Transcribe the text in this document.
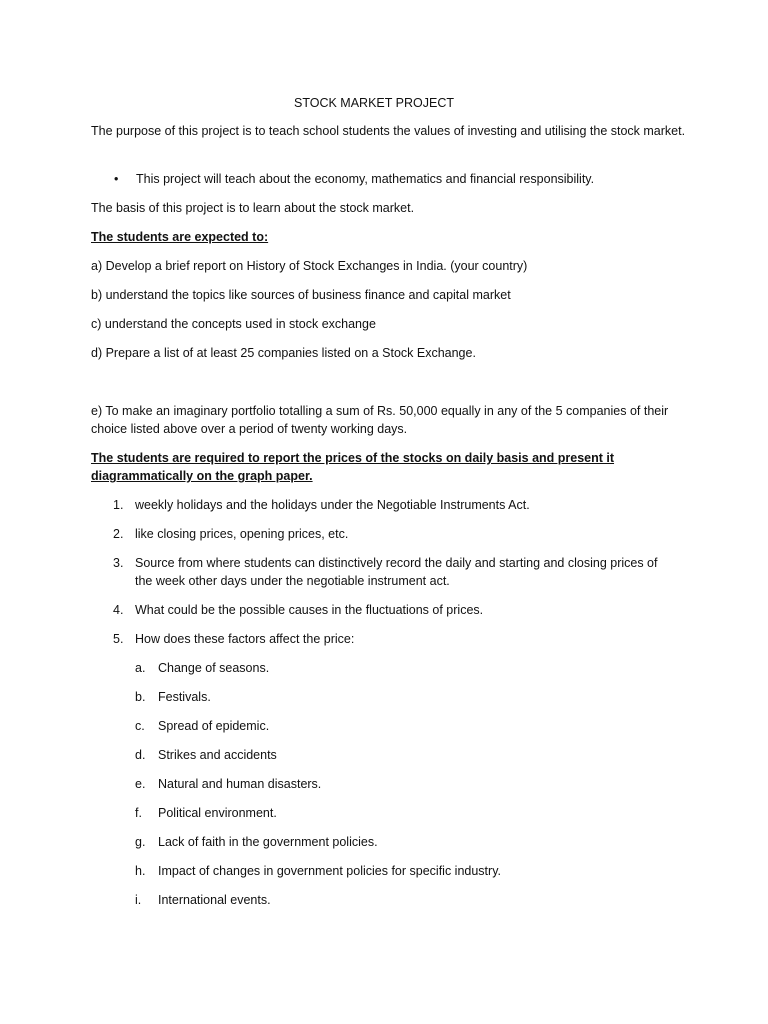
STOCK MARKET PROJECT

The purpose of this project is to teach school students the values of investing and utilising the stock market.

•	This project will teach about the economy, mathematics and financial responsibility.

The basis of this project is to learn about the stock market.

The students are expected to:

a) Develop a brief report on History of Stock Exchanges in India. (your country)

b) understand the topics like sources of business finance and capital market

c) understand the concepts used in stock exchange

d) Prepare a list of at least 25 companies listed on a Stock Exchange.

e) To make an imaginary portfolio totalling a sum of Rs. 50,000 equally in any of the 5 companies of their choice listed above over a period of twenty working days.

The students are required to report the prices of the stocks on daily basis and present it diagrammatically on the graph paper.

1. weekly holidays and the holidays under the Negotiable Instruments Act.
2. like closing prices, opening prices, etc.
3. Source from where students can distinctively record the daily and starting and closing prices of the week other days under the negotiable instrument act.
4. What could be the possible causes in the fluctuations of prices.
5. How does these factors affect the price:
a.	Change of seasons.
b.	Festivals.
c.	Spread of epidemic.
d.	Strikes and accidents
e.	Natural and human disasters.
f.	Political environment.
g.	Lack of faith in the government policies.
h.	Impact of changes in government policies for specific industry.
i.	International events.
